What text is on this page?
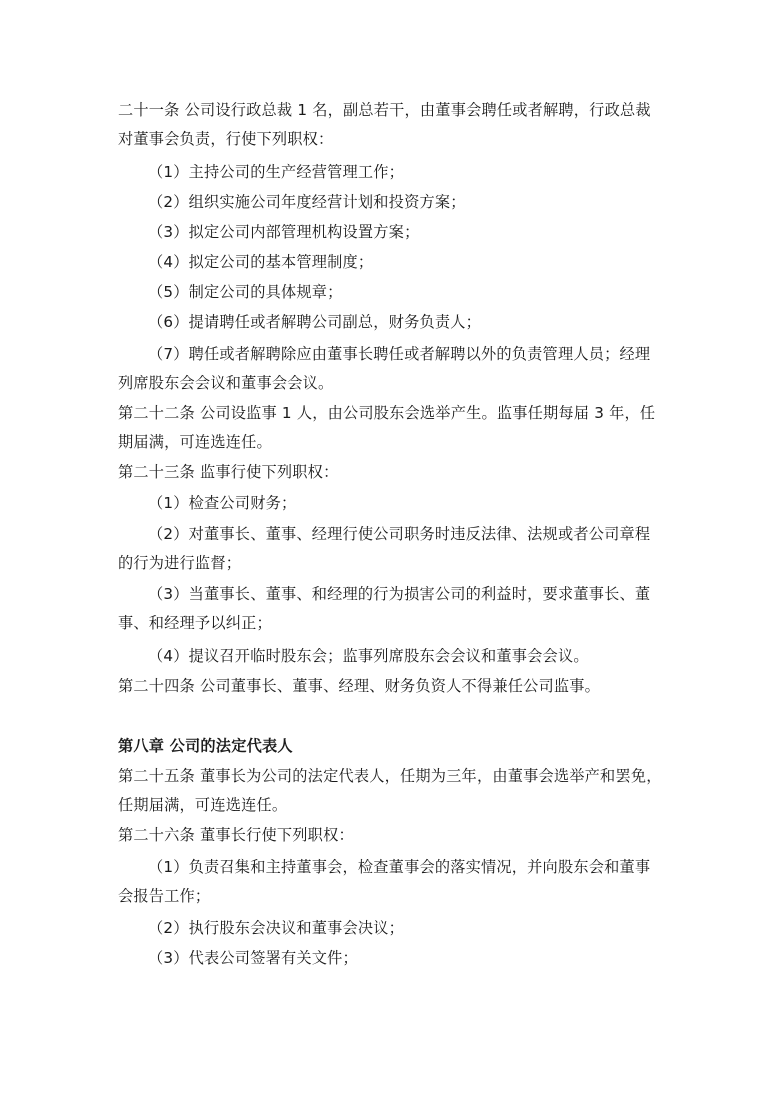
二十一条 公司设行政总裁 1 名，副总若干，由董事会聘任或者解聘，行政总裁
对董事会负责，行使下列职权：
（1）主持公司的生产经营管理工作；
（2）组织实施公司年度经营计划和投资方案；
（3）拟定公司内部管理机构设置方案；
（4）拟定公司的基本管理制度；
（5）制定公司的具体规章；
（6）提请聘任或者解聘公司副总，财务负责人；
（7）聘任或者解聘除应由董事长聘任或者解聘以外的负责管理人员；经理
列席股东会会议和董事会会议。
第二十二条 公司设监事 1 人，由公司股东会选举产生。监事任期每届 3 年，任
期届满，可连选连任。
第二十三条 监事行使下列职权：
（1）检查公司财务；
（2）对董事长、董事、经理行使公司职务时违反法律、法规或者公司章程
的行为进行监督；
（3）当董事长、董事、和经理的行为损害公司的利益时，要求董事长、董
事、和经理予以纠正；
（4）提议召开临时股东会；监事列席股东会会议和董事会会议。
第二十四条 公司董事长、董事、经理、财务负资人不得兼任公司监事。
第八章 公司的法定代表人
第二十五条 董事长为公司的法定代表人，任期为三年，由董事会选举产和罢免，
任期届满，可连选连任。
第二十六条 董事长行使下列职权：
（1）负责召集和主持董事会，检查董事会的落实情况，并向股东会和董事
会报告工作；
（2）执行股东会决议和董事会决议；
（3）代表公司签署有关文件；
